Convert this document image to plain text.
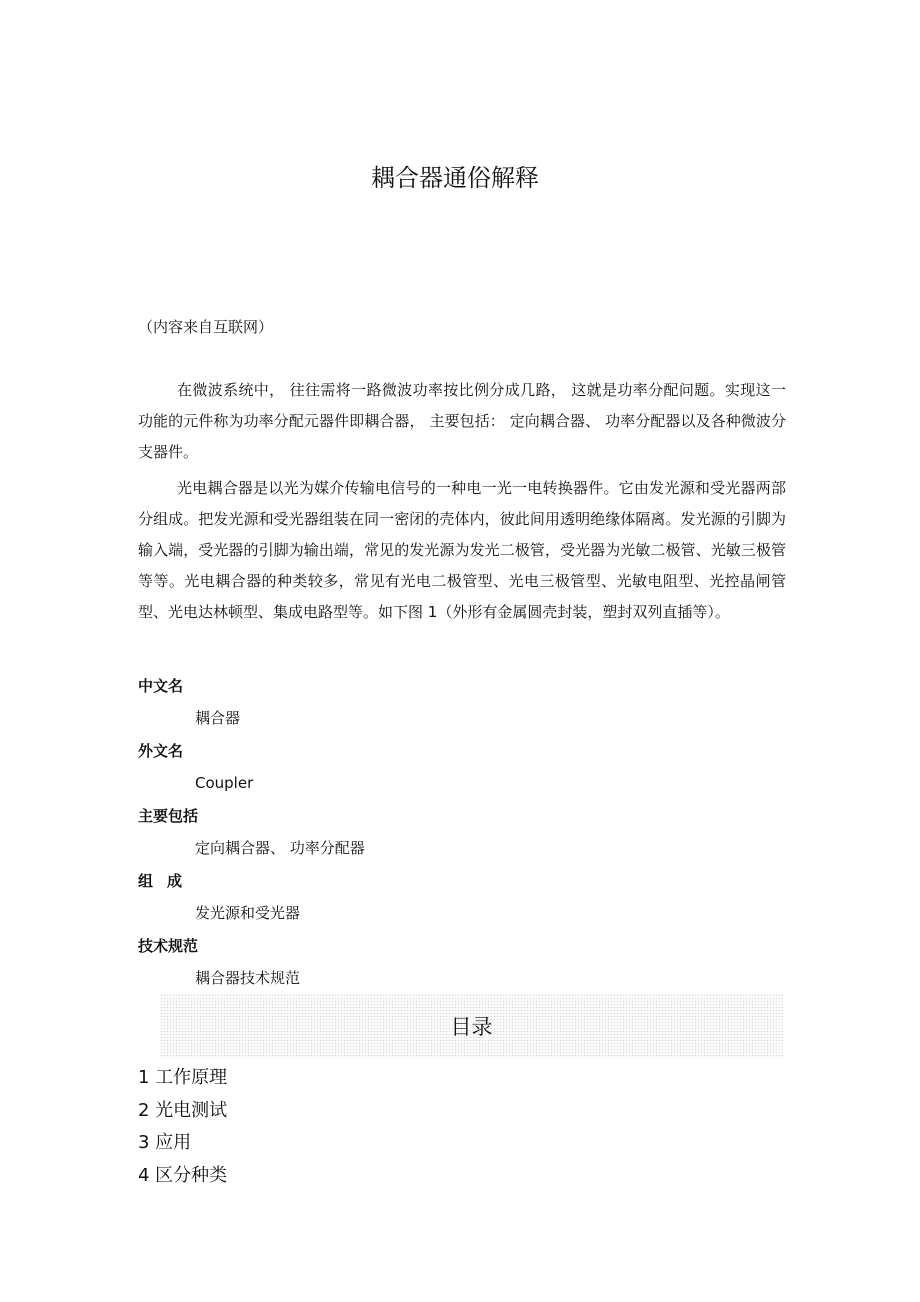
耦合器通俗解释
（内容来自互联网）

在微波系统中， 往往需将一路微波功率按比例分成几路， 这就是功率分配问题。实现这一功能的元件称为功率分配元器件即耦合器， 主要包括： 定向耦合器、 功率分配器以及各种微波分支器件。

光电耦合器是以光为媒介传输电信号的一种电一光一电转换器件。它由发光源和受光器两部分组成。把发光源和受光器组装在同一密闭的壳体内，彼此间用透明绝缘体隔离。发光源的引脚为输入端，受光器的引脚为输出端，常见的发光源为发光二极管，受光器为光敏二极管、光敏三极管等等。光电耦合器的种类较多，常见有光电二极管型、光电三极管型、光敏电阻型、光控晶闸管型、光电达林顿型、集成电路型等。如下图 1（外形有金属圆壳封装，塑封双列直插等）。

中文名
耦合器
外文名
Coupler
主要包括
定向耦合器、 功率分配器
组成
发光源和受光器
技术规范
耦合器技术规范
目录
1 工作原理
2 光电测试
3 应用
4 区分种类
